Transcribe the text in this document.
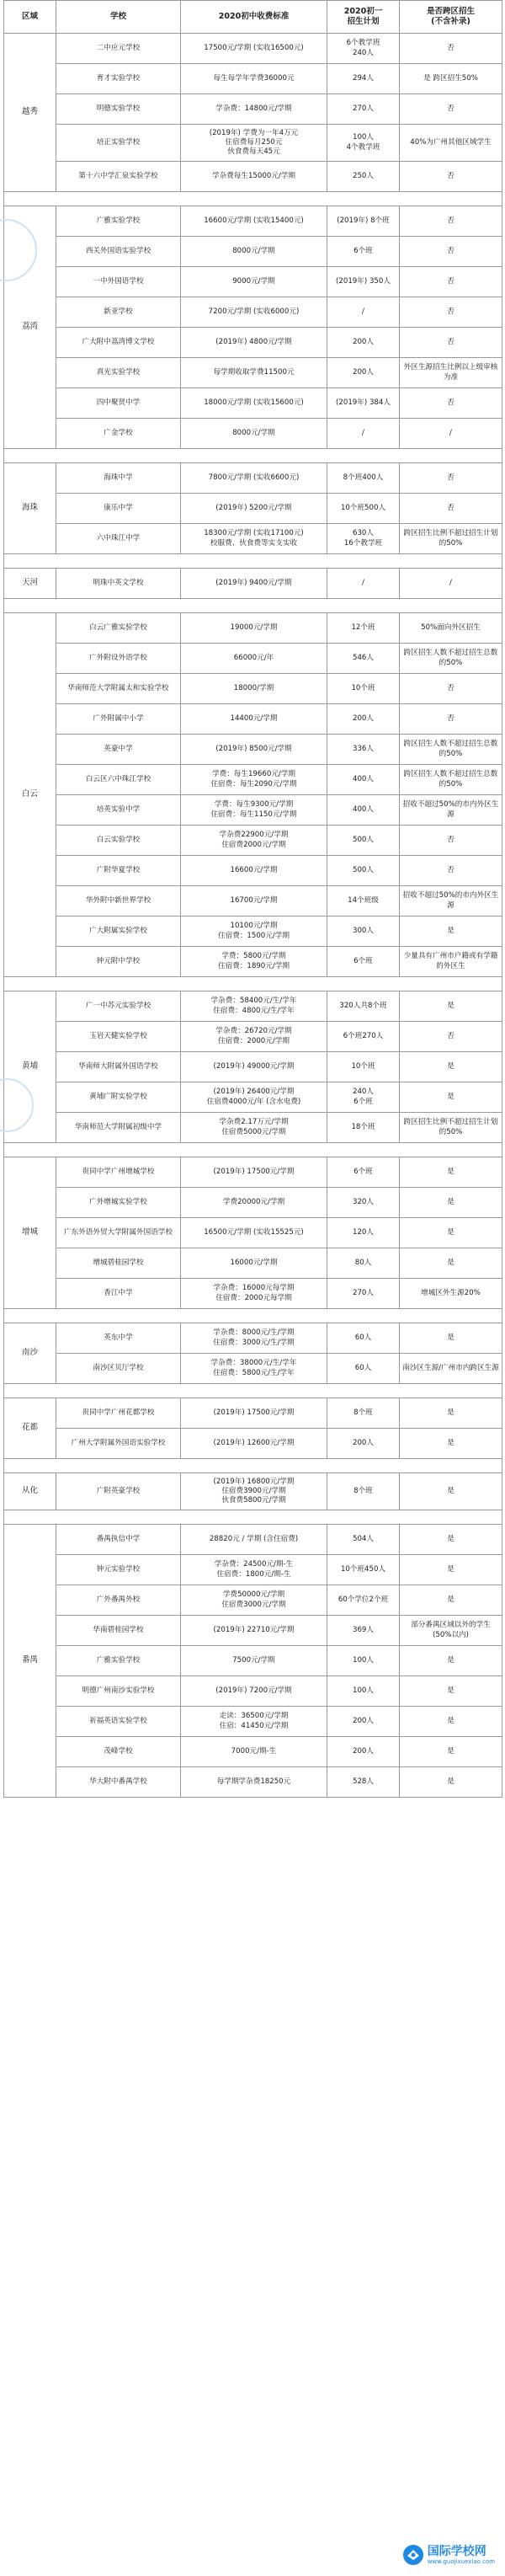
区域	学校	2020初中收费标准	2020初一
招生计划	是否跨区招生
(不含补录)
越秀	二中应元学校	17500元/学期 (实收16500元)	6个教学班
240人	否
	育才实验学校	每生每学年学费36000元	294人	是 跨区招生50%
	明德实验学校	学杂费：14800元/学期	270人	否
	培正实验学校	(2019年) 学费为一年4万元
住宿费每月250元
伙食费每天45元	100人
4个教学班	40%为广州其他区域学生
	第十六中学汇泉实验学校	学杂费每生15000元/学期	250人	否

荔湾	广雅实验学校	16600元/学期 (实收15400元)	(2019年) 8个班	否
	西关外国语实验学校	8000元/学期	6个班	否
	一中外国语学校	9000元/学期	(2019年) 350人	否
	新亚学校	7200元/学期 (实收6000元)	/	否
	广大附中荔湾博文学校	(2019年) 4800元/学期	200人	否
	真光实验学校	每学期收取学费11500元	200人	外区生源招生比例以上级审核为准
	四中聚贤中学	18000元/学期 (实收15600元)	(2019年) 384人	否
	广金学校	8000元/学期	/	/

海珠	海珠中学	7800元/学期 (实收6600元)	8个班400人	否
	康乐中学	(2019年) 5200元/学期	10个班500人	否
	六中珠江中学	18300元/学期 (实收17100元)
校服费、伙食费等实支实收	630人
16个教学班	跨区招生比例不超过招生计划的50%

天河	明珠中英文学校	(2019年) 9400元/学期	/	/

白云	白云广雅实验学校	19000元/学期	12个班	50%面向外区招生
	广外附设外语学校	66000元/年	546人	跨区招生人数不超过招生总数的50%
	华南师范大学附属太和实验学校	18000/学期	10个班	否
	广外附属中小学	14400元/学期	200人	否
	英豪中学	(2019年) 8500元/学期	336人	跨区招生人数不超过招生总数的50%
	白云区六中珠江学校	学费：每生19660元/学期
住宿费：每生2090元/学期	400人	跨区招生人数不超过招生总数的50%
	培英实验中学	学费：每生9300元/学期
住宿费：每生1150元/学期	400人	招收不超过50%的市内外区生源
	白云实验学校	学杂费22900元/学期
住宿费2000元/学期	500人	否
	广附华夏学校	16600元/学期	500人	否
	华外附中新世界学校	16700元/学期	14个班级	招收不超过50%的市内外区生源
	广大附属实验学校	10100元/学期
住宿费：1500元/学期	300人	是
	钟元附中学校	学费：5800元/学期
住宿费：1890元/学期	6个班	少量具有广州市户籍或有学籍的外区生

黄埔	广一中苏元实验学校	学杂费：58400元/生/学年
住宿费：4800元/生/学年	320人共8个班	是
	玉岩天健实验学校	学杂费：26720元/学期
住宿费：2000元/学期	6个班270人	否
	华南师大附属外国语学校	(2019年) 49000元/学期	10个班	是
	黄埔广附实验学校	(2019年) 26400元/学期
住宿费4000元/年 (含水电费)	240人
6个班	是
	华南师范大学附属初级中学	学杂费2.17万元/学期
住宿费5000元/学期	18个班	跨区招生比例不超过招生计划的50%

增城	贵同中学广州增城学校	(2019年) 17500元/学期	6个班	是
	广外增城实验学校	学费20000元/学期	320人	是
	广东外语外贸大学附属外国语学校	16500元/学期 (实收15525元)	120人	是
	增城碧桂园学校	16000元/学期	80人	是
	香江中学	学杂费：16000元每学期
住宿费：2000元每学期	270人	增城区外生源20%

南沙	英东中学	学杂费：8000元/生/学期
住宿费：3000元/生/学期	60人	是
	南沙区贝厅学校	学杂费：38000元/生/学年
住宿费：5800元/生/学年	60人	南沙区生源/广州市内跨区生源

花都	贵同中学广州花都学校	(2019年) 17500元/学期	8个班	是
	广州大学附属外国语实验学校	(2019年) 12600元/学期	200人	是

从化	广附英豪学校	(2019年) 16800元/学期
住宿费3900元/学期
伙食费5800元/学期	8个班	是

番禺	番禺执信中学	28820元 / 学期 (含住宿费)	504人	是
	钟元实验学校	学杂费：24500元/期-生
住宿费：1800元/期-生	10个班450人	是
	广外番禺外校	学费50000元/学期
住宿费3000元/学期	60个学位2个班	是
	华南碧桂园学校	(2019年) 22710元/学期	369人	部分番禺区域以外的学生(50%以内)
	广雅实验学校	7500元/学期	100人	是
	明德广州南沙实验学校	(2019年) 7200元/学期	100人	是
	祈福英语实验学校	走读：36500元/学期
住宿：41450元/学期	200人	是
	茂峰学校	7000元/期-生	200人	是
	华大附中番禺学校	每学期学杂费18250元	528人	是
国际学校网
www.guojixuexiao.com
